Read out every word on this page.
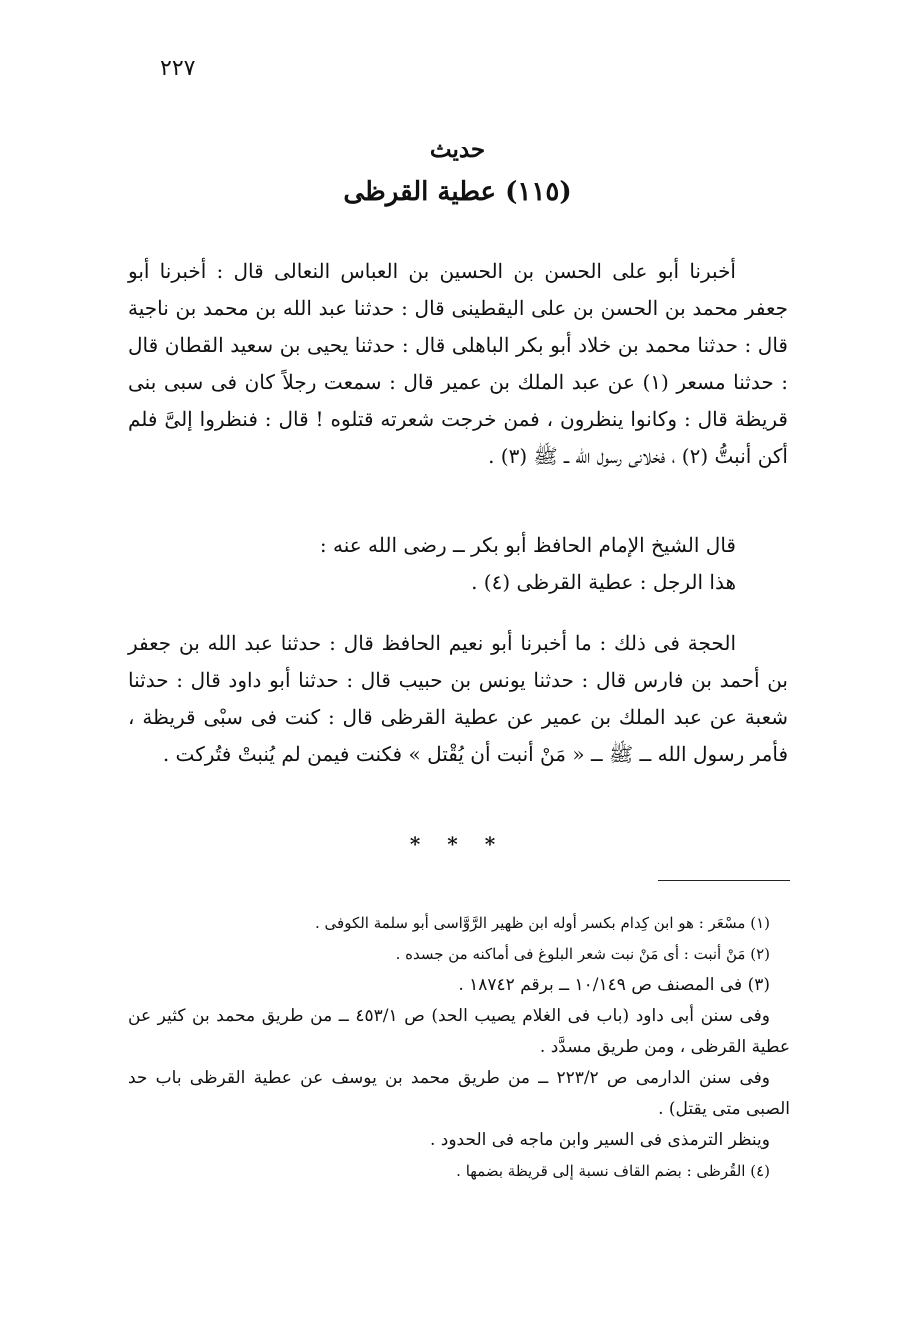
٢٢٧
حديث
(١١٥) عطية القرظى
أخبرنا أبو على الحسن بن الحسين بن العباس النعالى قال : أخبرنا أبو جعفر محمد بن الحسن بن على اليقطينى قال : حدثنا عبد الله بن محمد بن ناجية قال : حدثنا محمد بن خلاد أبو بكر الباهلى قال : حدثنا يحيى بن سعيد القطان قال : حدثنا مسعر (١) عن عبد الملك بن عمير قال : سمعت رجلاً كان فى سبى بنى قريظة قال : وكانوا ينظرون ، فمن خرجت شعرته قتلوه ! قال : فنظروا إلىَّ فلم أكن أنبتُّ (٢) ، فخلانى رسول الله ــ ﷺ (٣) .
قال الشيخ الإمام الحافظ أبو بكر ــ رضى الله عنه :
هذا الرجل : عطية القرظى (٤) .
الحجة فى ذلك : ما أخبرنا أبو نعيم الحافظ قال : حدثنا عبد الله بن جعفر بن أحمد بن فارس قال : حدثنا يونس بن حبيب قال : حدثنا أبو داود قال : حدثنا شعبة عن عبد الملك بن عمير عن عطية القرظى قال : كنت فى سبْى قريظة ، فأمر رسول الله ــ ﷺ ــ « مَنْ أنبت أن يُقْتل » فكنت فيمن لم يُنبتْ فتُركت .
* * *

(١) مسْعَر : هو ابن كِدام بكسر أوله ابن ظهير الرَّوَّاسى أبو سلمة الكوفى .

(٢) مَنْ أنبت : أى مَنْ نبت شعر البلوغ فى أماكنه من جسده .

(٣) فى المصنف ص ١٠/١٤٩ ــ برقم ١٨٧٤٢ .

وفى سنن أبى داود (باب فى الغلام يصيب الحد) ص ٤٥٣/١ ــ من طريق محمد بن كثير عن عطية القرظى ، ومن طريق مسدَّد .

وفى سنن الدارمى ص ٢٢٣/٢ ــ من طريق محمد بن يوسف عن عطية القرظى باب حد الصبى متى يقتل) .

وينظر الترمذى فى السير وابن ماجه فى الحدود .

(٤) القُرظى : بضم القاف نسبة إلى قريظة بضمها .
